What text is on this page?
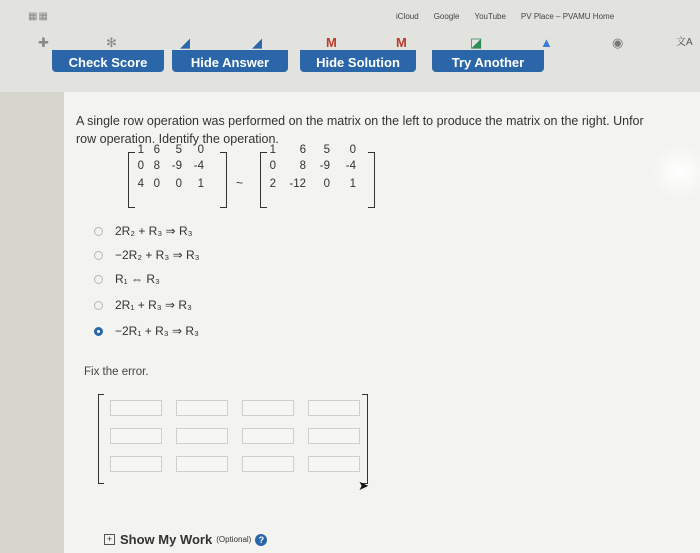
▦▦	iCloud Google YouTube PV Place – PVAMU Home
✚	✻	◢	◢	M	M	◪	▲	◉	文A
Check Score	Hide Answer	Hide Solution	Try Another
A single row operation was performed on the matrix on the left to produce the matrix on the right. Unfor
row operation. Identify the operation.
1 6 5 0
0 8 -9 -4
4 0 0 1	~
1 6 5 0
0 8 -9 -4
2 -12 0 1
2R₂ + R₃ ⇒ R₃
−2R₂ + R₃ ⇒ R₃
R₁ ⇔ R₃
2R₁ + R₃ ⇒ R₃
−2R₁ + R₃ ⇒ R₃
Fix the error.
➤
+ Show My Work (Optional) ?
